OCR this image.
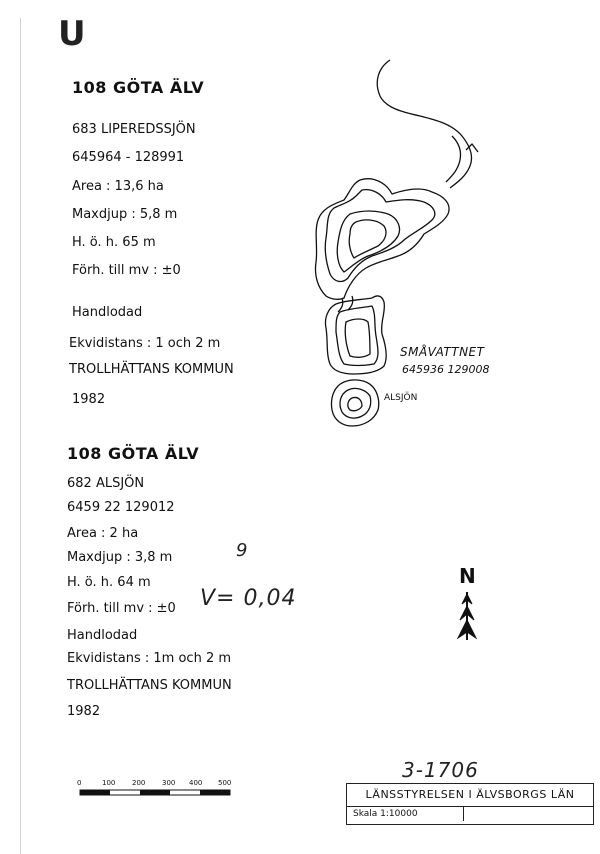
U
108 GÖTA ÄLV
683 LIPEREDSSJÖN
645964 - 128991
Area : 13,6 ha
Maxdjup : 5,8 m
H. ö. h. 65 m
Förh. till mv : ±0
Handlodad
Ekvidistans : 1 och 2 m
TROLLHÄTTANS KOMMUN
1982
108 GÖTA ÄLV
682 ALSJÖN
6459 22 129012
Area : 2 ha
Maxdjup : 3,8 m
H. ö. h. 64 m
Förh. till mv : ±0
Handlodad
Ekvidistans : 1m och 2 m
TROLLHÄTTANS KOMMUN
1982
9
V= 0,04
3-1706
SMÅVATTNET
645936 129008
ALSJÖN
N
0	100 200 300 400 500
LÄNSSTYRELSEN I ÄLVSBORGS LÄN
Skala 1:10000
